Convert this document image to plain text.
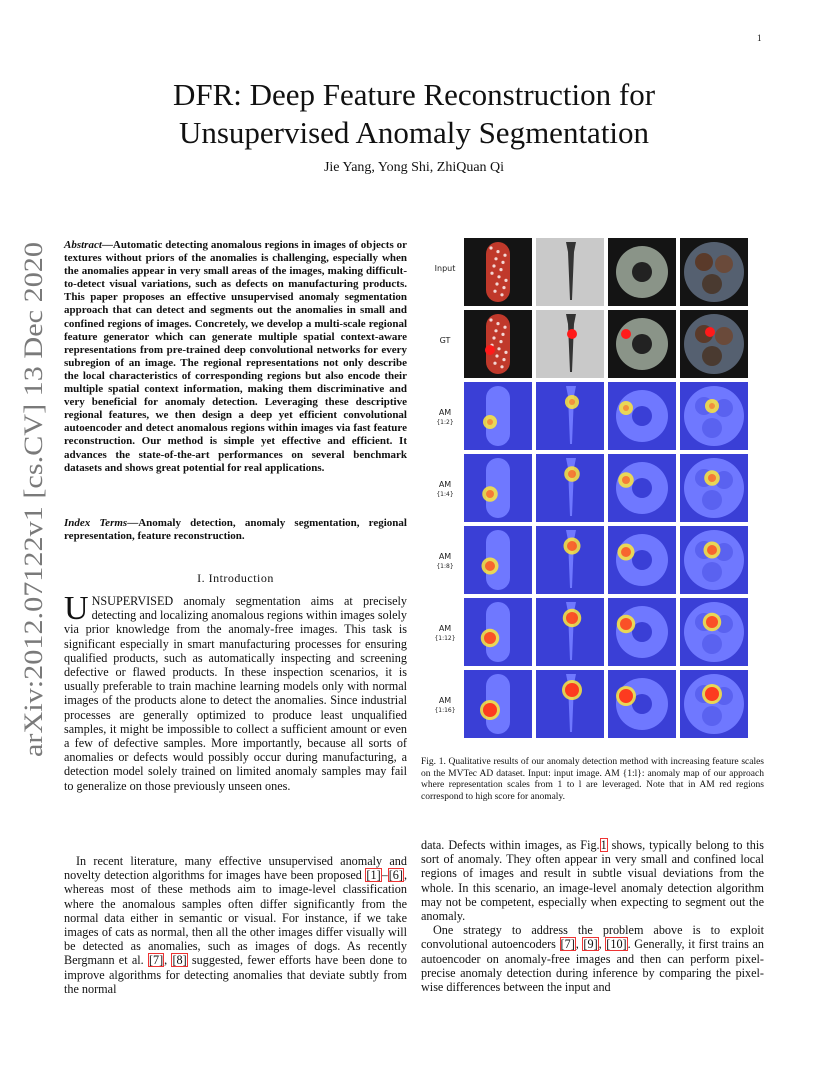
1
arXiv:2012.07122v1 [cs.CV] 13 Dec 2020
DFR: Deep Feature Reconstruction for
Unsupervised Anomaly Segmentation
Jie Yang, Yong Shi, ZhiQuan Qi
Abstract—Automatic detecting anomalous regions in images of objects or textures without priors of the anomalies is challenging, especially when the anomalies appear in very small areas of the images, making difficult-to-detect visual variations, such as defects on manufacturing products. This paper proposes an effective unsupervised anomaly segmentation approach that can detect and segments out the anomalies in small and confined regions of images. Concretely, we develop a multi-scale regional feature generator which can generate multiple spatial context-aware representations from pre-trained deep convolutional networks for every subregion of an image. The regional representations not only describe the local characteristics of corresponding regions but also encode their multiple spatial context information, making them discriminative and very beneficial for anomaly detection. Leveraging these descriptive regional features, we then design a deep yet efficient convolutional autoencoder and detect anomalous regions within images via fast feature reconstruction. Our method is simple yet effective and efficient. It advances the state-of-the-art performances on several benchmark datasets and shows great potential for real applications.
Index Terms—Anomaly detection, anomaly segmentation, regional representation, feature reconstruction.
I. Introduction
UNSUPERVISED anomaly segmentation aims at precisely detecting and localizing anomalous regions within images solely via prior knowledge from the anomaly-free images. This task is significant especially in smart manufacturing processes for ensuring qualified products, such as automatically inspecting and screening defective or flawed products. In these inspection scenarios, it is usually preferable to train machine learning models only with normal images of the products alone to detect the anomalies. Since industrial processes are generally optimized to produce least unqualified samples, it might be impossible to collect a sufficient amount or even a few of defective samples. More importantly, because all sorts of anomalies or defects would possibly occur during manufacturing, a detection model solely trained on limited anomaly samples may fail to generalize on those previously unseen ones.

In recent literature, many effective unsupervised anomaly and novelty detection algorithms for images have been proposed [1]–[6], whereas most of these methods aim to image-level classification where the anomalous samples often differ significantly from the normal data either in semantic or visual. For instance, if we take images of cats as normal, then all the other images differ visually will be detected as anomalies, such as images of dogs. As recently Bergmann et al. [7], [8] suggested, fewer efforts have been done to improve algorithms for detecting anomalies that deviate subtly from the normal

Input
GT
AM
{1:2}
AM
{1:4}
AM
{1:8}
AM
{1:12}
AM
{1:16}
Fig. 1. Qualitative results of our anomaly detection method with increasing feature scales on the MVTec AD dataset. Input: input image. AM {1:l}: anomaly map of our approach where representation scales from 1 to l are leveraged. Note that in AM red regions correspond to high score for anomaly.

data. Defects within images, as Fig.1 shows, typically belong to this sort of anomaly. They often appear in very small and confined local regions of images and result in subtle visual deviations from the whole. In this scenario, an image-level anomaly detection algorithm may not be competent, especially when expecting to segment out the anomaly.

One strategy to address the problem above is to exploit convolutional autoencoders [7], [9], [10]. Generally, it first trains an autoencoder on anomaly-free images and then can perform pixel-precise anomaly detection during inference by comparing the pixel-wise differences between the input and
